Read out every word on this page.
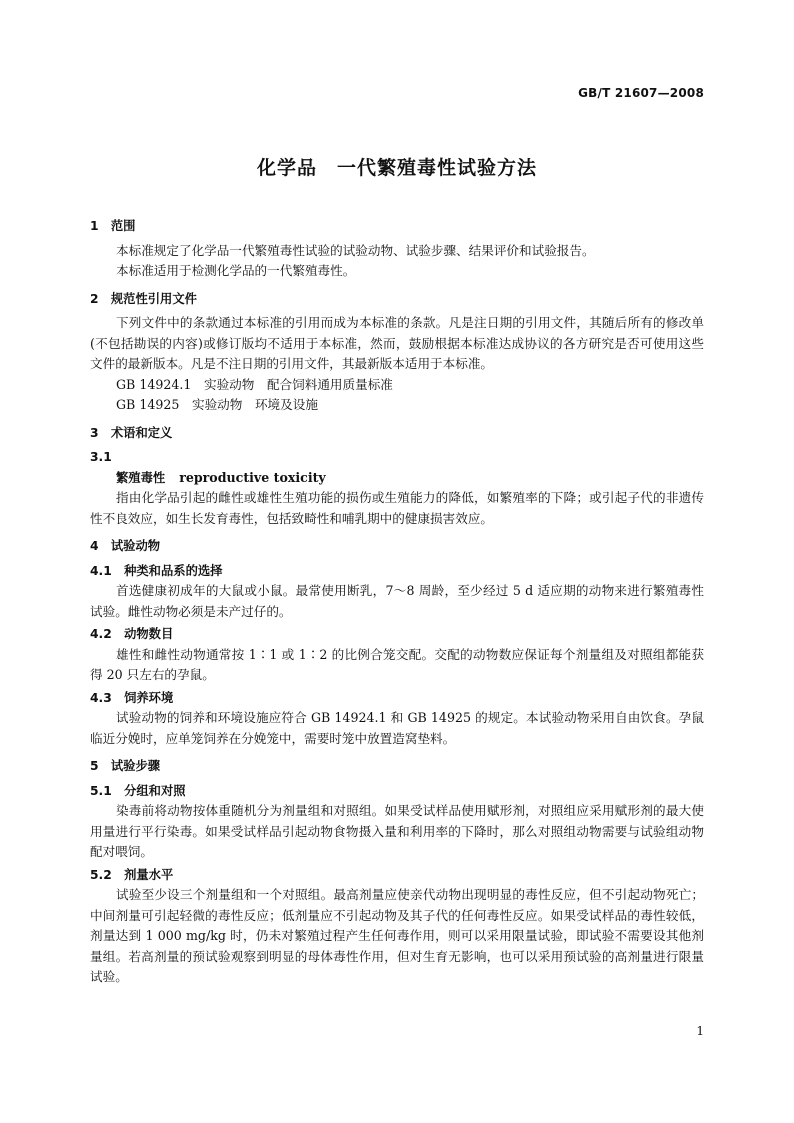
GB/T 21607—2008
化学品　一代繁殖毒性试验方法
1　范围

本标准规定了化学品一代繁殖毒性试验的试验动物、试验步骤、结果评价和试验报告。

本标准适用于检测化学品的一代繁殖毒性。

2　规范性引用文件

下列文件中的条款通过本标准的引用而成为本标准的条款。凡是注日期的引用文件，其随后所有的修改单(不包括勘误的内容)或修订版均不适用于本标准，然而，鼓励根据本标准达成协议的各方研究是否可使用这些文件的最新版本。凡是不注日期的引用文件，其最新版本适用于本标准。

GB 14924.1　实验动物　配合饲料通用质量标准

GB 14925　实验动物　环境及设施

3　术语和定义
3.1

繁殖毒性 reproductive toxicity

指由化学品引起的雌性或雄性生殖功能的损伤或生殖能力的降低，如繁殖率的下降；或引起子代的非遗传性不良效应，如生长发育毒性，包括致畸性和哺乳期中的健康损害效应。

4　试验动物
4.1　种类和品系的选择

首选健康初成年的大鼠或小鼠。最常使用断乳，7～8 周龄，至少经过 5 d 适应期的动物来进行繁殖毒性试验。雌性动物必须是未产过仔的。

4.2　动物数目

雄性和雌性动物通常按 1∶1 或 1∶2 的比例合笼交配。交配的动物数应保证每个剂量组及对照组都能获得 20 只左右的孕鼠。

4.3　饲养环境

试验动物的饲养和环境设施应符合 GB 14924.1 和 GB 14925 的规定。本试验动物采用自由饮食。孕鼠临近分娩时，应单笼饲养在分娩笼中，需要时笼中放置造窝垫料。

5　试验步骤
5.1　分组和对照

染毒前将动物按体重随机分为剂量组和对照组。如果受试样品使用赋形剂，对照组应采用赋形剂的最大使用量进行平行染毒。如果受试样品引起动物食物摄入量和利用率的下降时，那么对照组动物需要与试验组动物配对喂饲。

5.2　剂量水平

试验至少设三个剂量组和一个对照组。最高剂量应使亲代动物出现明显的毒性反应，但不引起动物死亡；中间剂量可引起轻微的毒性反应；低剂量应不引起动物及其子代的任何毒性反应。如果受试样品的毒性较低，剂量达到 1 000 mg/kg 时，仍未对繁殖过程产生任何毒作用，则可以采用限量试验，即试验不需要设其他剂量组。若高剂量的预试验观察到明显的母体毒性作用，但对生育无影响，也可以采用预试验的高剂量进行限量试验。

1
